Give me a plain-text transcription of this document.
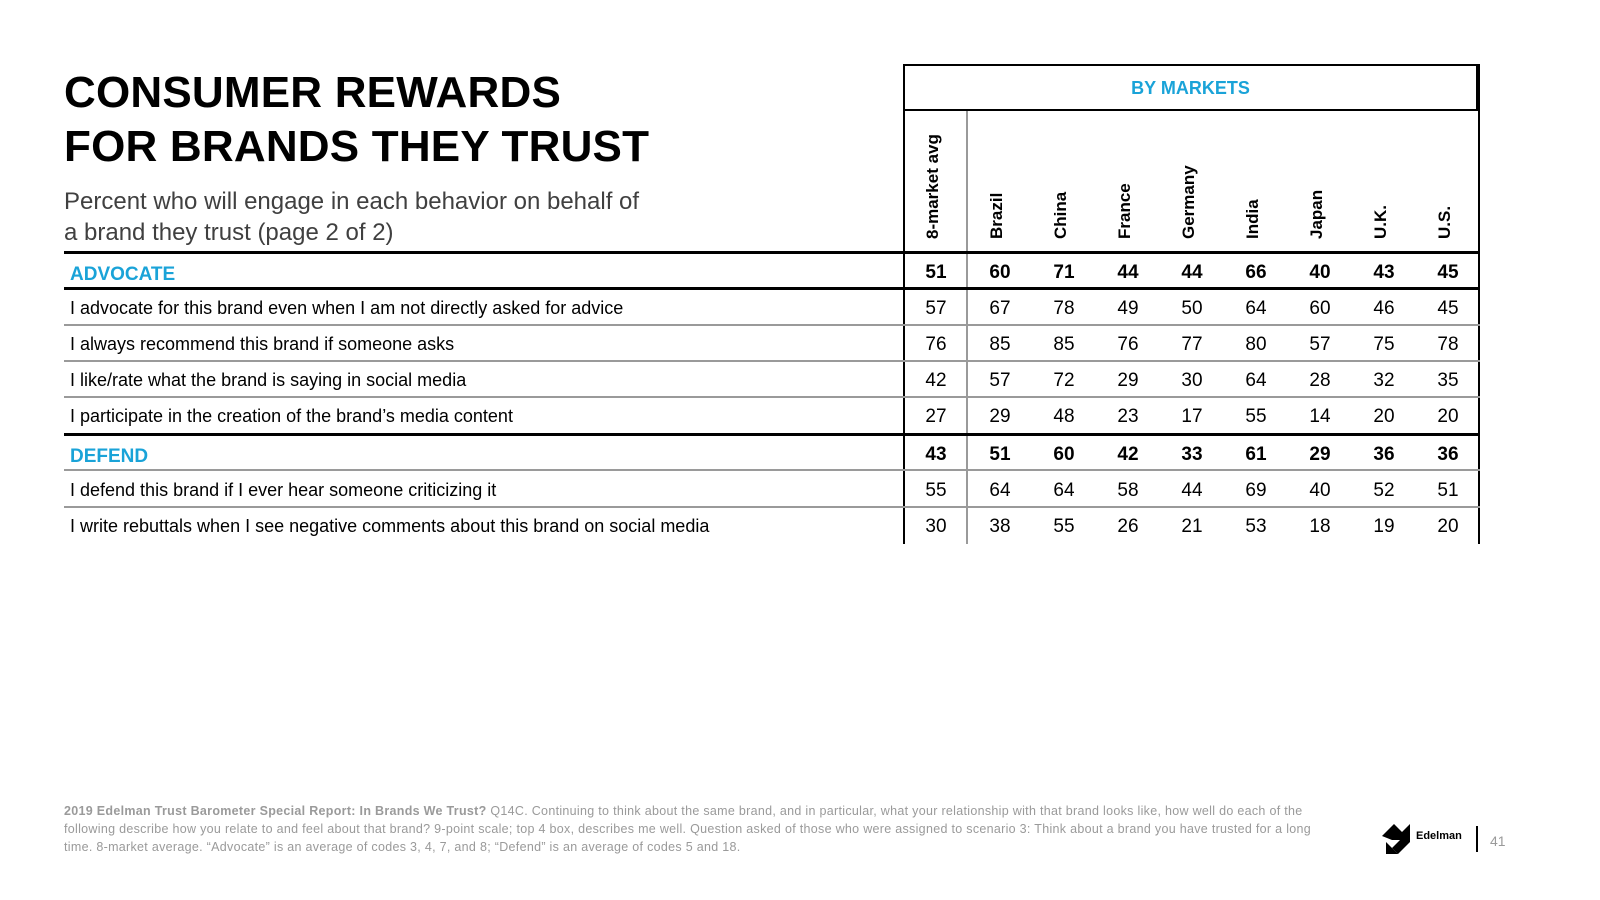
CONSUMER REWARDS
FOR BRANDS THEY TRUST
Percent who will engage in each behavior on behalf of
a brand they trust (page 2 of 2)
BY MARKETS
8-market avg	Brazil	China	France	Germany	India	Japan	U.K.	U.S.
ADVOCATE	51	60	71	44	44	66	40	43	45
I advocate for this brand even when I am not directly asked for advice	57	67	78	49	50	64	60	46	45
I always recommend this brand if someone asks	76	85	85	76	77	80	57	75	78
I like/rate what the brand is saying in social media	42	57	72	29	30	64	28	32	35
I participate in the creation of the brand’s media content	27	29	48	23	17	55	14	20	20
DEFEND	43	51	60	42	33	61	29	36	36
I defend this brand if I ever hear someone criticizing it	55	64	64	58	44	69	40	52	51
I write rebuttals when I see negative comments about this brand on social media	30	38	55	26	21	53	18	19	20
2019 Edelman Trust Barometer Special Report: In Brands We Trust? Q14C. Continuing to think about the same brand, and in particular, what your relationship with that brand looks like, how well do each of the following describe how you relate to and feel about that brand? 9-point scale; top 4 box, describes me well. Question asked of those who were assigned to scenario 3: Think about a brand you have trusted for a long time. 8-market average. “Advocate” is an average of codes 3, 4, 7, and 8; “Defend” is an average of codes 5 and 18.
Edelman 41
